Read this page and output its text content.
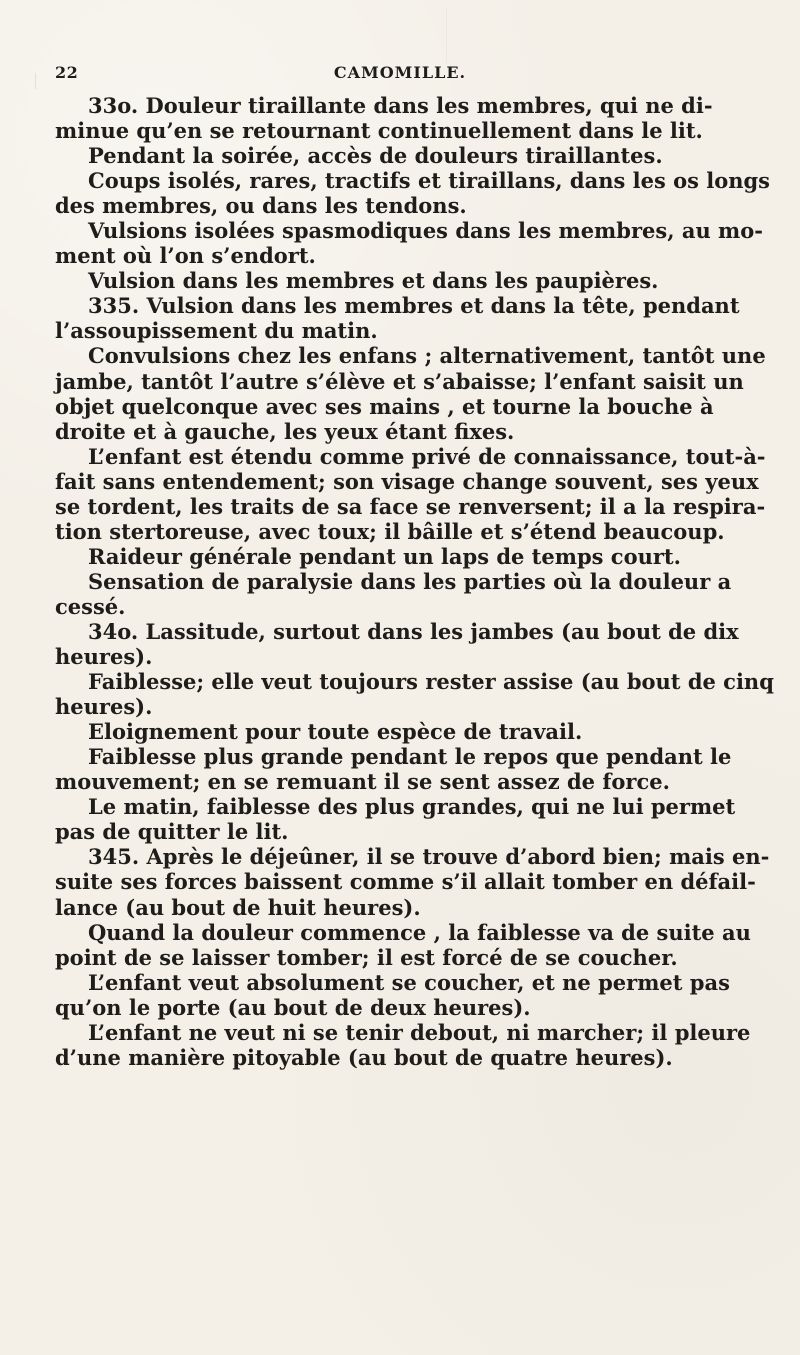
22	CAMOMILLE.
33o. Douleur tiraillante dans les membres, qui ne di-
minue qu’en se retournant continuellement dans le lit.
Pendant la soirée, accès de douleurs tiraillantes.
Coups isolés, rares, tractifs et tiraillans, dans les os longs
des membres, ou dans les tendons.
Vulsions isolées spasmodiques dans les membres, au mo-
ment où l’on s’endort.
Vulsion dans les membres et dans les paupières.
335. Vulsion dans les membres et dans la tête, pendant
l’assoupissement du matin.
Convulsions chez les enfans ; alternativement, tantôt une
jambe, tantôt l’autre s’élève et s’abaisse; l’enfant saisit un
objet quelconque avec ses mains , et tourne la bouche à
droite et à gauche, les yeux étant fixes.
L’enfant est étendu comme privé de connaissance, tout-à-
fait sans entendement; son visage change souvent, ses yeux
se tordent, les traits de sa face se renversent; il a la respira-
tion stertoreuse, avec toux; il bâille et s’étend beaucoup.
Raideur générale pendant un laps de temps court.
Sensation de paralysie dans les parties où la douleur a
cessé.
34o. Lassitude, surtout dans les jambes (au bout de dix
heures).
Faiblesse; elle veut toujours rester assise (au bout de cinq
heures).
Eloignement pour toute espèce de travail.
Faiblesse plus grande pendant le repos que pendant le
mouvement; en se remuant il se sent assez de force.
Le matin, faiblesse des plus grandes, qui ne lui permet
pas de quitter le lit.
345. Après le déjeûner, il se trouve d’abord bien; mais en-
suite ses forces baissent comme s’il allait tomber en défail-
lance (au bout de huit heures).
Quand la douleur commence , la faiblesse va de suite au
point de se laisser tomber; il est forcé de se coucher.
L’enfant veut absolument se coucher, et ne permet pas
qu’on le porte (au bout de deux heures).
L’enfant ne veut ni se tenir debout, ni marcher; il pleure
d’une manière pitoyable (au bout de quatre heures).
